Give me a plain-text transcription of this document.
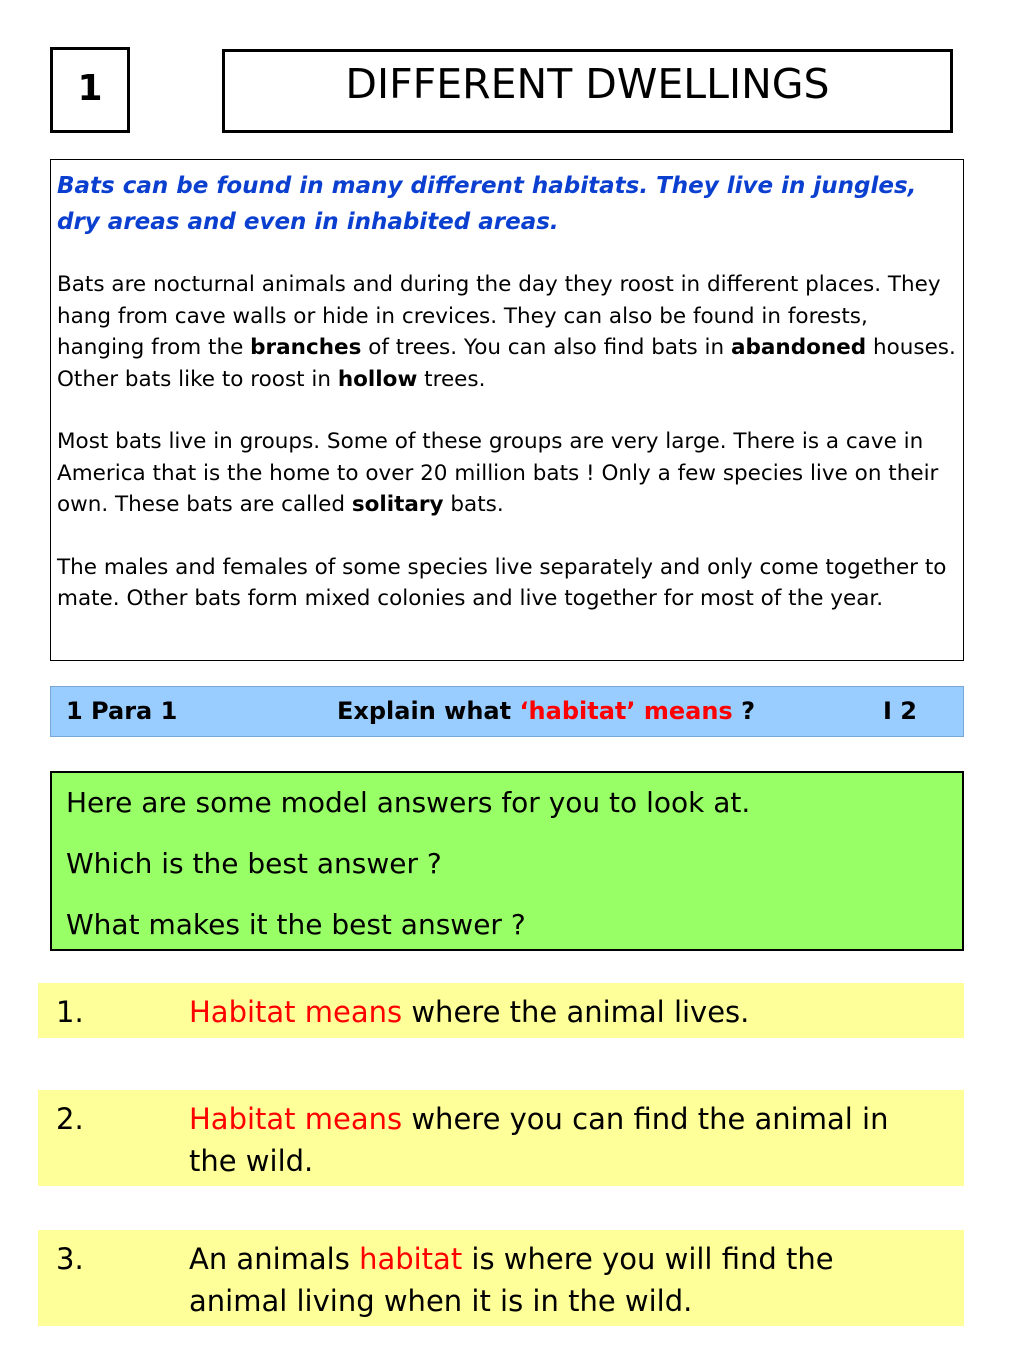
1	DIFFERENT DWELLINGS

Bats can be found in many different habitats. They live in jungles, dry areas and even in inhabited areas.

Bats are nocturnal animals and during the day they roost in different places. They hang from cave walls or hide in crevices. They can also be found in forests, hanging from the branches of trees. You can also find bats in abandoned houses. Other bats like to roost in hollow trees.

Most bats live in groups. Some of these groups are very large. There is a cave in America that is the home to over 20 million bats ! Only a few species live on their own. These bats are called solitary bats.

The males and females of some species live separately and only come together to mate. Other bats form mixed colonies and live together for most of the year.

1 Para 1	Explain what ‘habitat’ means ?	I 2
Here are some model answers for you to look at.
Which is the best answer ?
What makes it the best answer ?
1.	Habitat means where the animal lives.
2.	Habitat means where you can find the animal in the wild.
3.	An animals habitat is where you will find the animal living when it is in the wild.
